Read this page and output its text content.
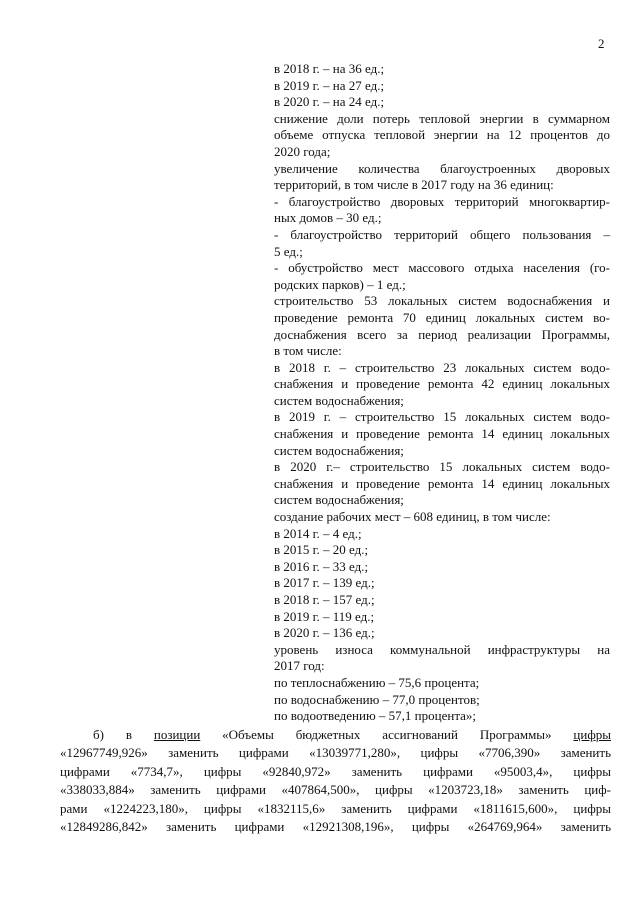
2
в 2018 г. – на 36 ед.;
в 2019 г. – на 27 ед.;
в 2020 г. – на 24 ед.;
снижение доли потерь тепловой энергии в суммарном
объеме отпуска тепловой энергии на 12 процентов до
2020 года;
увеличение количества благоустроенных дворовых
территорий, в том числе в 2017 году на 36 единиц:
- благоустройство дворовых территорий многоквартир-
ных домов – 30 ед.;
- благоустройство территорий общего пользования –
5 ед.;
- обустройство мест массового отдыха населения (го-
родских парков) – 1 ед.;
строительство 53 локальных систем водоснабжения и
проведение ремонта 70 единиц локальных систем во-
доснабжения всего за период реализации Программы,
в том числе:
в 2018 г. – строительство 23 локальных систем водо-
снабжения и проведение ремонта 42 единиц локальных
систем водоснабжения;
в 2019 г. – строительство 15 локальных систем водо-
снабжения и проведение ремонта 14 единиц локальных
систем водоснабжения;
в 2020 г.– строительство 15 локальных систем водо-
снабжения и проведение ремонта 14 единиц локальных
систем водоснабжения;
создание рабочих мест – 608 единиц, в том числе:
в 2014 г. – 4 ед.;
в 2015 г. – 20 ед.;
в 2016 г. – 33 ед.;
в 2017 г. – 139 ед.;
в 2018 г. – 157 ед.;
в 2019 г. – 119 ед.;
в 2020 г. – 136 ед.;
уровень износа коммунальной инфраструктуры на
2017 год:
по теплоснабжению – 75,6 процента;
по водоснабжению – 77,0 процентов;
по водоотведению – 57,1 процента»;
б) в позиции «Объемы бюджетных ассигнований Программы» цифры
«12967749,926» заменить цифрами «13039771,280», цифры «7706,390» заменить
цифрами «7734,7», цифры «92840,972» заменить цифрами «95003,4», цифры
«338033,884» заменить цифрами «407864,500», цифры «1203723,18» заменить циф-
рами «1224223,180», цифры «1832115,6» заменить цифрами «1811615,600», цифры
«12849286,842» заменить цифрами «12921308,196», цифры «264769,964» заменить
